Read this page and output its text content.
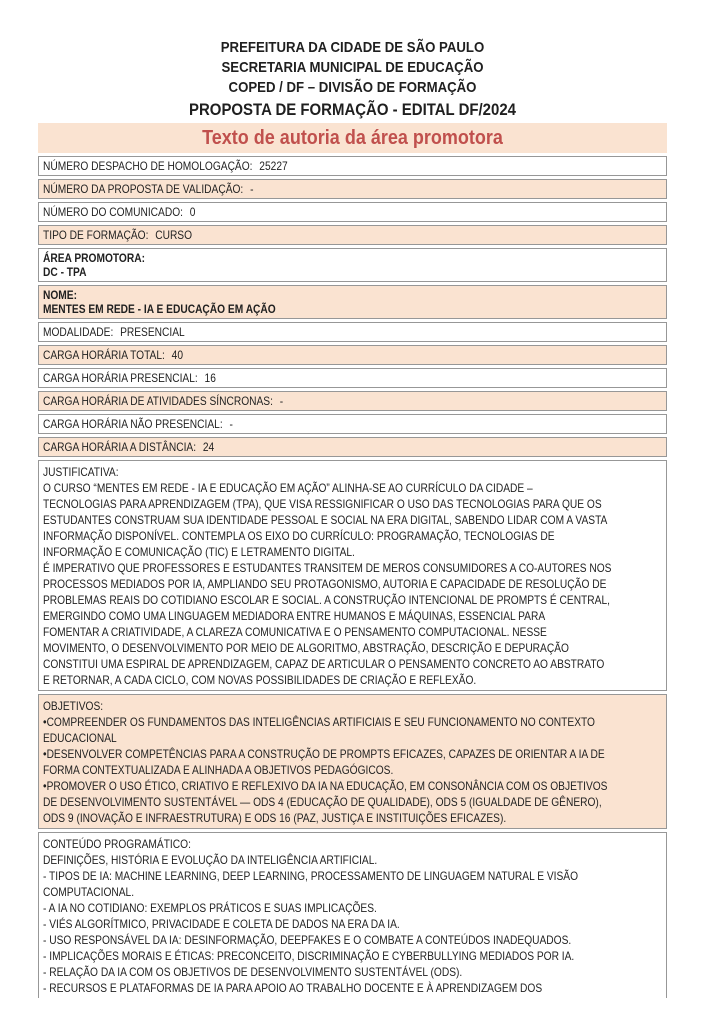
PREFEITURA DA CIDADE DE SÃO PAULO
SECRETARIA MUNICIPAL DE EDUCAÇÃO
COPED / DF – DIVISÃO DE FORMAÇÃO
PROPOSTA DE FORMAÇÃO - EDITAL DF/2024
Texto de autoria da área promotora
NÚMERO DESPACHO DE HOMOLOGAÇÃO: 25227
NÚMERO DA PROPOSTA DE VALIDAÇÃO: -
NÚMERO DO COMUNICADO: 0
TIPO DE FORMAÇÃO: CURSO
ÁREA PROMOTORA:
DC - TPA
NOME:
MENTES EM REDE - IA E EDUCAÇÃO EM AÇÃO
MODALIDADE: PRESENCIAL
CARGA HORÁRIA TOTAL: 40
CARGA HORÁRIA PRESENCIAL: 16
CARGA HORÁRIA DE ATIVIDADES SÍNCRONAS: -
CARGA HORÁRIA NÃO PRESENCIAL: -
CARGA HORÁRIA A DISTÂNCIA: 24
JUSTIFICATIVA:
O CURSO “MENTES EM REDE - IA E EDUCAÇÃO EM AÇÃO” ALINHA-SE AO CURRÍCULO DA CIDADE –
TECNOLOGIAS PARA APRENDIZAGEM (TPA), QUE VISA RESSIGNIFICAR O USO DAS TECNOLOGIAS PARA QUE OS
ESTUDANTES CONSTRUAM SUA IDENTIDADE PESSOAL E SOCIAL NA ERA DIGITAL, SABENDO LIDAR COM A VASTA
INFORMAÇÃO DISPONÍVEL. CONTEMPLA OS EIXO DO CURRÍCULO: PROGRAMAÇÃO, TECNOLOGIAS DE
INFORMAÇÃO E COMUNICAÇÃO (TIC) E LETRAMENTO DIGITAL.
É IMPERATIVO QUE PROFESSORES E ESTUDANTES TRANSITEM DE MEROS CONSUMIDORES A CO-AUTORES NOS
PROCESSOS MEDIADOS POR IA, AMPLIANDO SEU PROTAGONISMO, AUTORIA E CAPACIDADE DE RESOLUÇÃO DE
PROBLEMAS REAIS DO COTIDIANO ESCOLAR E SOCIAL. A CONSTRUÇÃO INTENCIONAL DE PROMPTS É CENTRAL,
EMERGINDO COMO UMA LINGUAGEM MEDIADORA ENTRE HUMANOS E MÁQUINAS, ESSENCIAL PARA
FOMENTAR A CRIATIVIDADE, A CLAREZA COMUNICATIVA E O PENSAMENTO COMPUTACIONAL. NESSE
MOVIMENTO, O DESENVOLVIMENTO POR MEIO DE ALGORITMO, ABSTRAÇÃO, DESCRIÇÃO E DEPURAÇÃO
CONSTITUI UMA ESPIRAL DE APRENDIZAGEM, CAPAZ DE ARTICULAR O PENSAMENTO CONCRETO AO ABSTRATO
E RETORNAR, A CADA CICLO, COM NOVAS POSSIBILIDADES DE CRIAÇÃO E REFLEXÃO.
OBJETIVOS:
•COMPREENDER OS FUNDAMENTOS DAS INTELIGÊNCIAS ARTIFICIAIS E SEU FUNCIONAMENTO NO CONTEXTO
EDUCACIONAL
•DESENVOLVER COMPETÊNCIAS PARA A CONSTRUÇÃO DE PROMPTS EFICAZES, CAPAZES DE ORIENTAR A IA DE
FORMA CONTEXTUALIZADA E ALINHADA A OBJETIVOS PEDAGÓGICOS.
•PROMOVER O USO ÉTICO, CRIATIVO E REFLEXIVO DA IA NA EDUCAÇÃO, EM CONSONÂNCIA COM OS OBJETIVOS
DE DESENVOLVIMENTO SUSTENTÁVEL — ODS 4 (EDUCAÇÃO DE QUALIDADE), ODS 5 (IGUALDADE DE GÊNERO),
ODS 9 (INOVAÇÃO E INFRAESTRUTURA) E ODS 16 (PAZ, JUSTIÇA E INSTITUIÇÕES EFICAZES).
CONTEÚDO PROGRAMÁTICO:
DEFINIÇÕES, HISTÓRIA E EVOLUÇÃO DA INTELIGÊNCIA ARTIFICIAL.
- TIPOS DE IA: MACHINE LEARNING, DEEP LEARNING, PROCESSAMENTO DE LINGUAGEM NATURAL E VISÃO
COMPUTACIONAL.
- A IA NO COTIDIANO: EXEMPLOS PRÁTICOS E SUAS IMPLICAÇÕES.
- VIÉS ALGORÍTMICO, PRIVACIDADE E COLETA DE DADOS NA ERA DA IA.
- USO RESPONSÁVEL DA IA: DESINFORMAÇÃO, DEEPFAKES E O COMBATE A CONTEÚDOS INADEQUADOS.
- IMPLICAÇÕES MORAIS E ÉTICAS: PRECONCEITO, DISCRIMINAÇÃO E CYBERBULLYING MEDIADOS POR IA.
- RELAÇÃO DA IA COM OS OBJETIVOS DE DESENVOLVIMENTO SUSTENTÁVEL (ODS).
- RECURSOS E PLATAFORMAS DE IA PARA APOIO AO TRABALHO DOCENTE E À APRENDIZAGEM DOS
